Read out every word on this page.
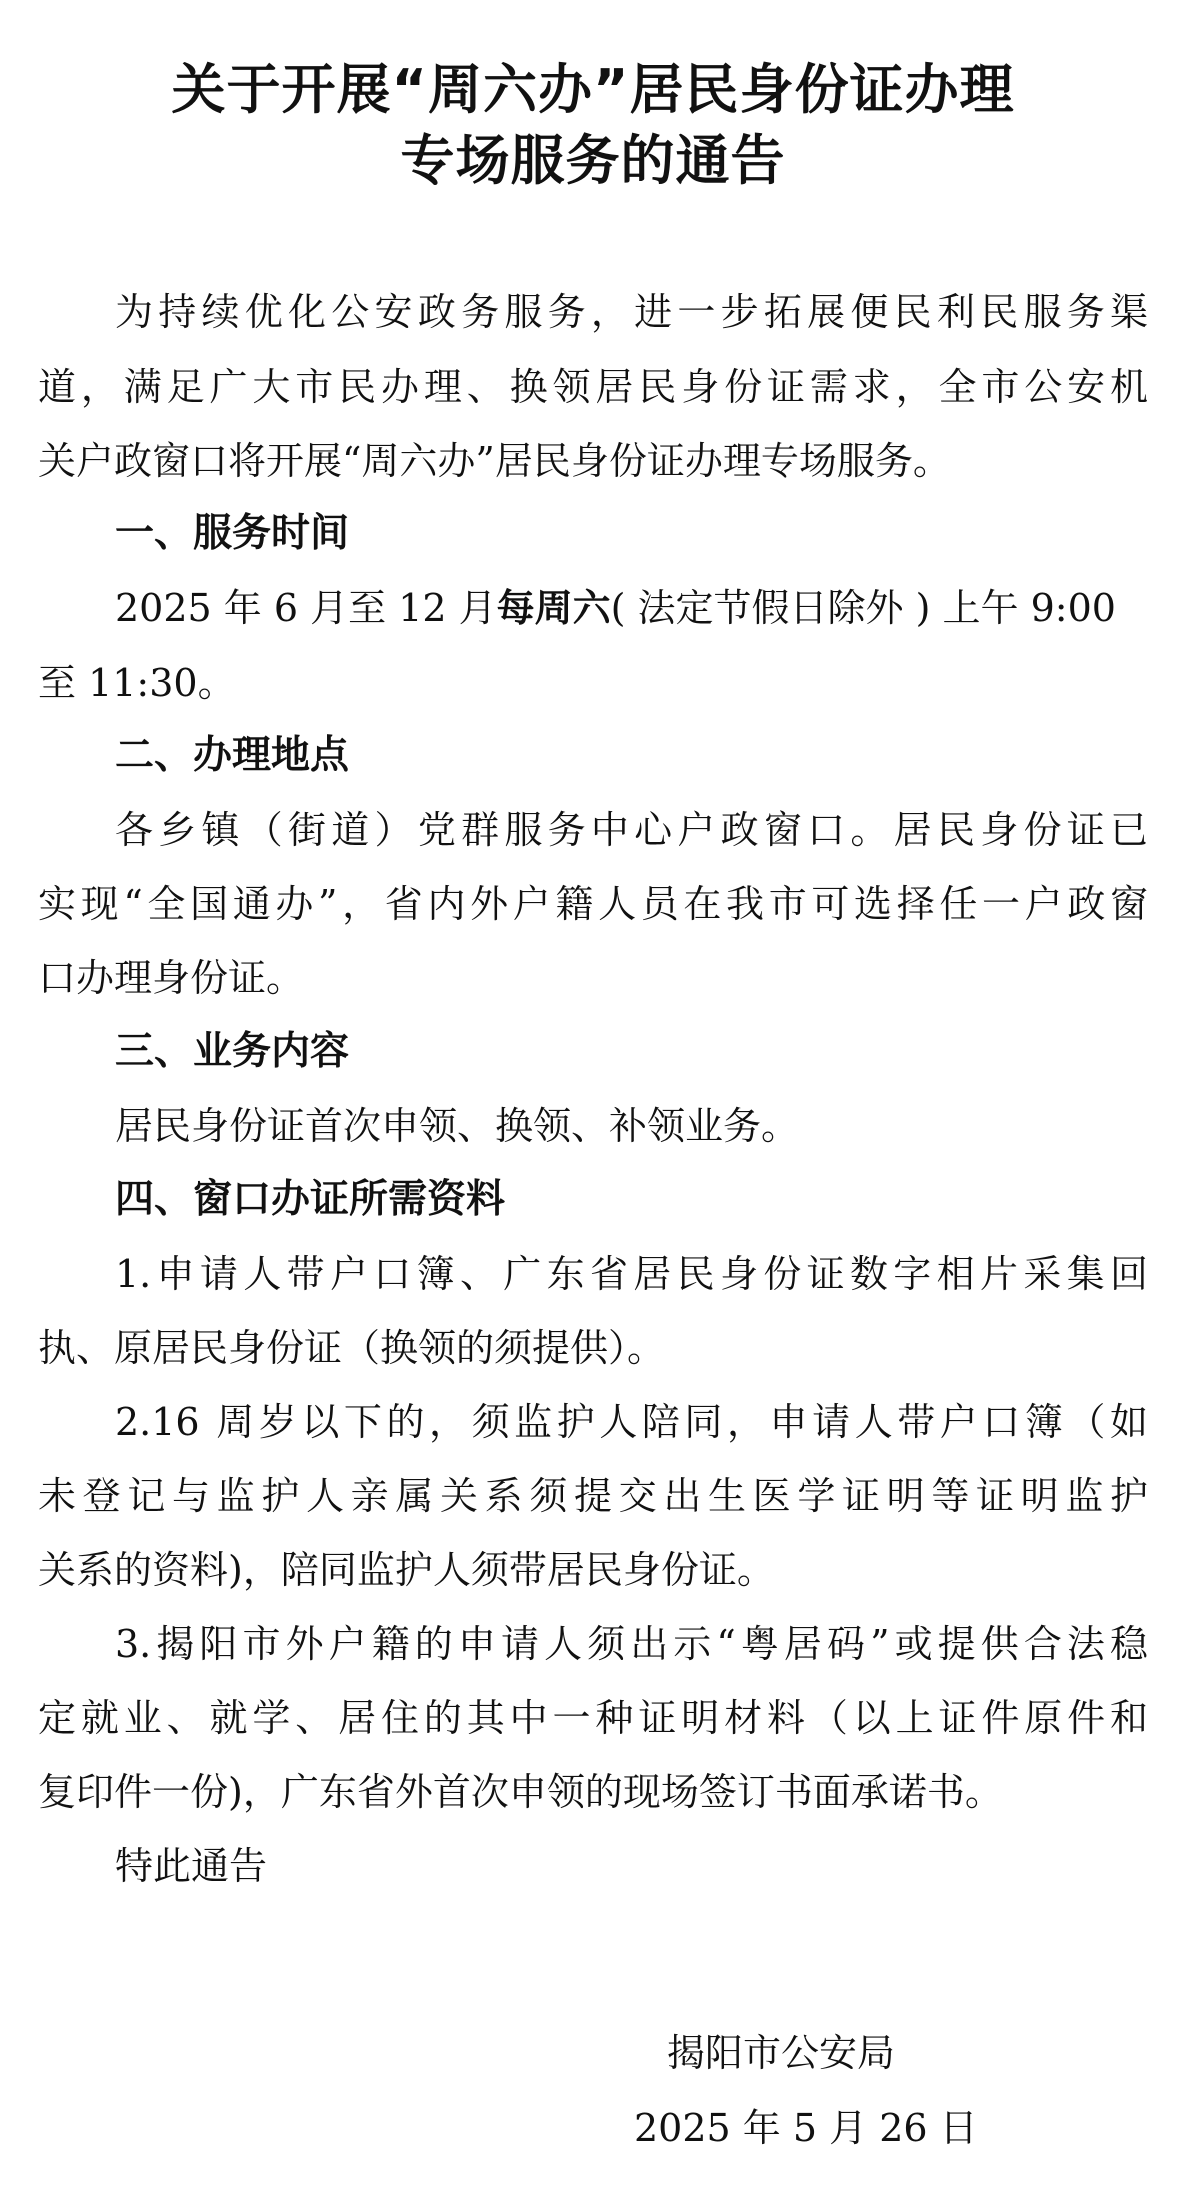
关于开展“周六办”居民身份证办理
专场服务的通告

为持续优化公安政务服务，进一步拓展便民利民服务渠

道，满足广大市民办理、换领居民身份证需求，全市公安机

关户政窗口将开展“周六办”居民身份证办理专场服务。

一、服务时间

2025 年 6 月至 12 月每周六( 法定节假日除外 ) 上午 9:00

至 11:30。

二、办理地点

各乡镇（街道）党群服务中心户政窗口。居民身份证已

实现“全国通办”，省内外户籍人员在我市可选择任一户政窗

口办理身份证。

三、业务内容

居民身份证首次申领、换领、补领业务。

四、窗口办证所需资料

1.申请人带户口簿、广东省居民身份证数字相片采集回

执、原居民身份证（换领的须提供）。

2.16 周岁以下的，须监护人陪同，申请人带户口簿（如

未登记与监护人亲属关系须提交出生医学证明等证明监护

关系的资料)，陪同监护人须带居民身份证。

3.揭阳市外户籍的申请人须出示“粤居码”或提供合法稳

定就业、就学、居住的其中一种证明材料（以上证件原件和

复印件一份)，广东省外首次申领的现场签订书面承诺书。

特此通告

揭阳市公安局

2025 年 5 月 26 日
